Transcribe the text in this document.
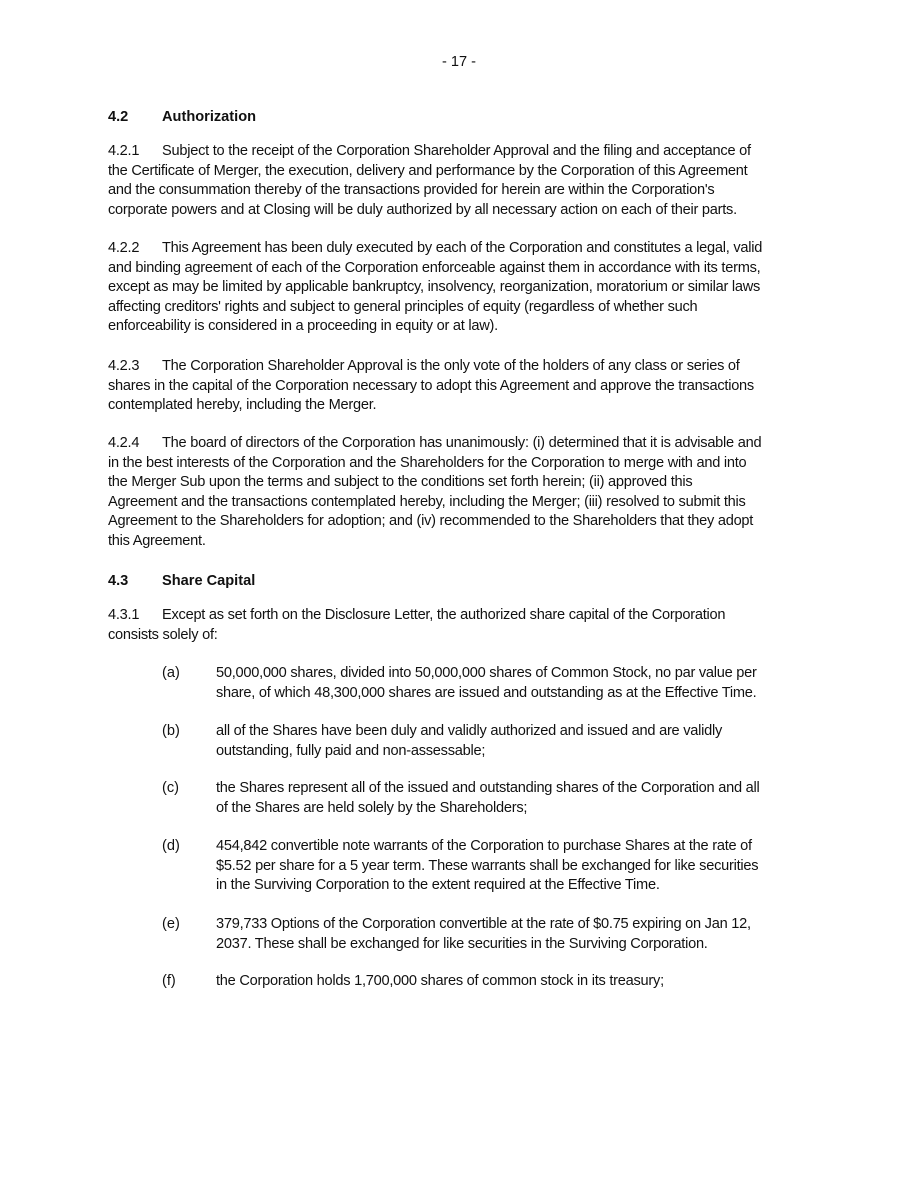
- 17 -
4.2 Authorization
4.3 Share Capital
4.2.1 Subject to the receipt of the Corporation Shareholder Approval and the filing and acceptance of
the Certificate of Merger, the execution, delivery and performance by the Corporation of this Agreement
and the consummation thereby of the transactions provided for herein are within the Corporation's
corporate powers and at Closing will be duly authorized by all necessary action on each of their parts.
4.2.2 This Agreement has been duly executed by each of the Corporation and constitutes a legal, valid
and binding agreement of each of the Corporation enforceable against them in accordance with its terms,
except as may be limited by applicable bankruptcy, insolvency, reorganization, moratorium or similar laws
affecting creditors' rights and subject to general principles of equity (regardless of whether such
enforceability is considered in a proceeding in equity or at law).
4.2.3 The Corporation Shareholder Approval is the only vote of the holders of any class or series of
shares in the capital of the Corporation necessary to adopt this Agreement and approve the transactions
contemplated hereby, including the Merger.
4.2.4 The board of directors of the Corporation has unanimously: (i) determined that it is advisable and
in the best interests of the Corporation and the Shareholders for the Corporation to merge with and into
the Merger Sub upon the terms and subject to the conditions set forth herein; (ii) approved this
Agreement and the transactions contemplated hereby, including the Merger; (iii) resolved to submit this
Agreement to the Shareholders for adoption; and (iv) recommended to the Shareholders that they adopt
this Agreement.
4.3.1 Except as set forth on the Disclosure Letter, the authorized share capital of the Corporation
consists solely of:
(a) 50,000,000 shares, divided into 50,000,000 shares of Common Stock, no par value per
share, of which 48,300,000 shares are issued and outstanding as at the Effective Time.
(b) all of the Shares have been duly and validly authorized and issued and are validly
outstanding, fully paid and non-assessable;
(c)	the Shares represent all of the issued and outstanding shares of the Corporation and all
of the Shares are held solely by the Shareholders;
(d) 454,842 convertible note warrants of the Corporation to purchase Shares at the rate of
$5.52 per share for a 5 year term. These warrants shall be exchanged for like securities
in the Surviving Corporation to the extent required at the Effective Time.
(e) 379,733 Options of the Corporation convertible at the rate of $0.75 expiring on Jan 12,
2037. These shall be exchanged for like securities in the Surviving Corporation.
(f)	the Corporation holds 1,700,000 shares of common stock in its treasury;
